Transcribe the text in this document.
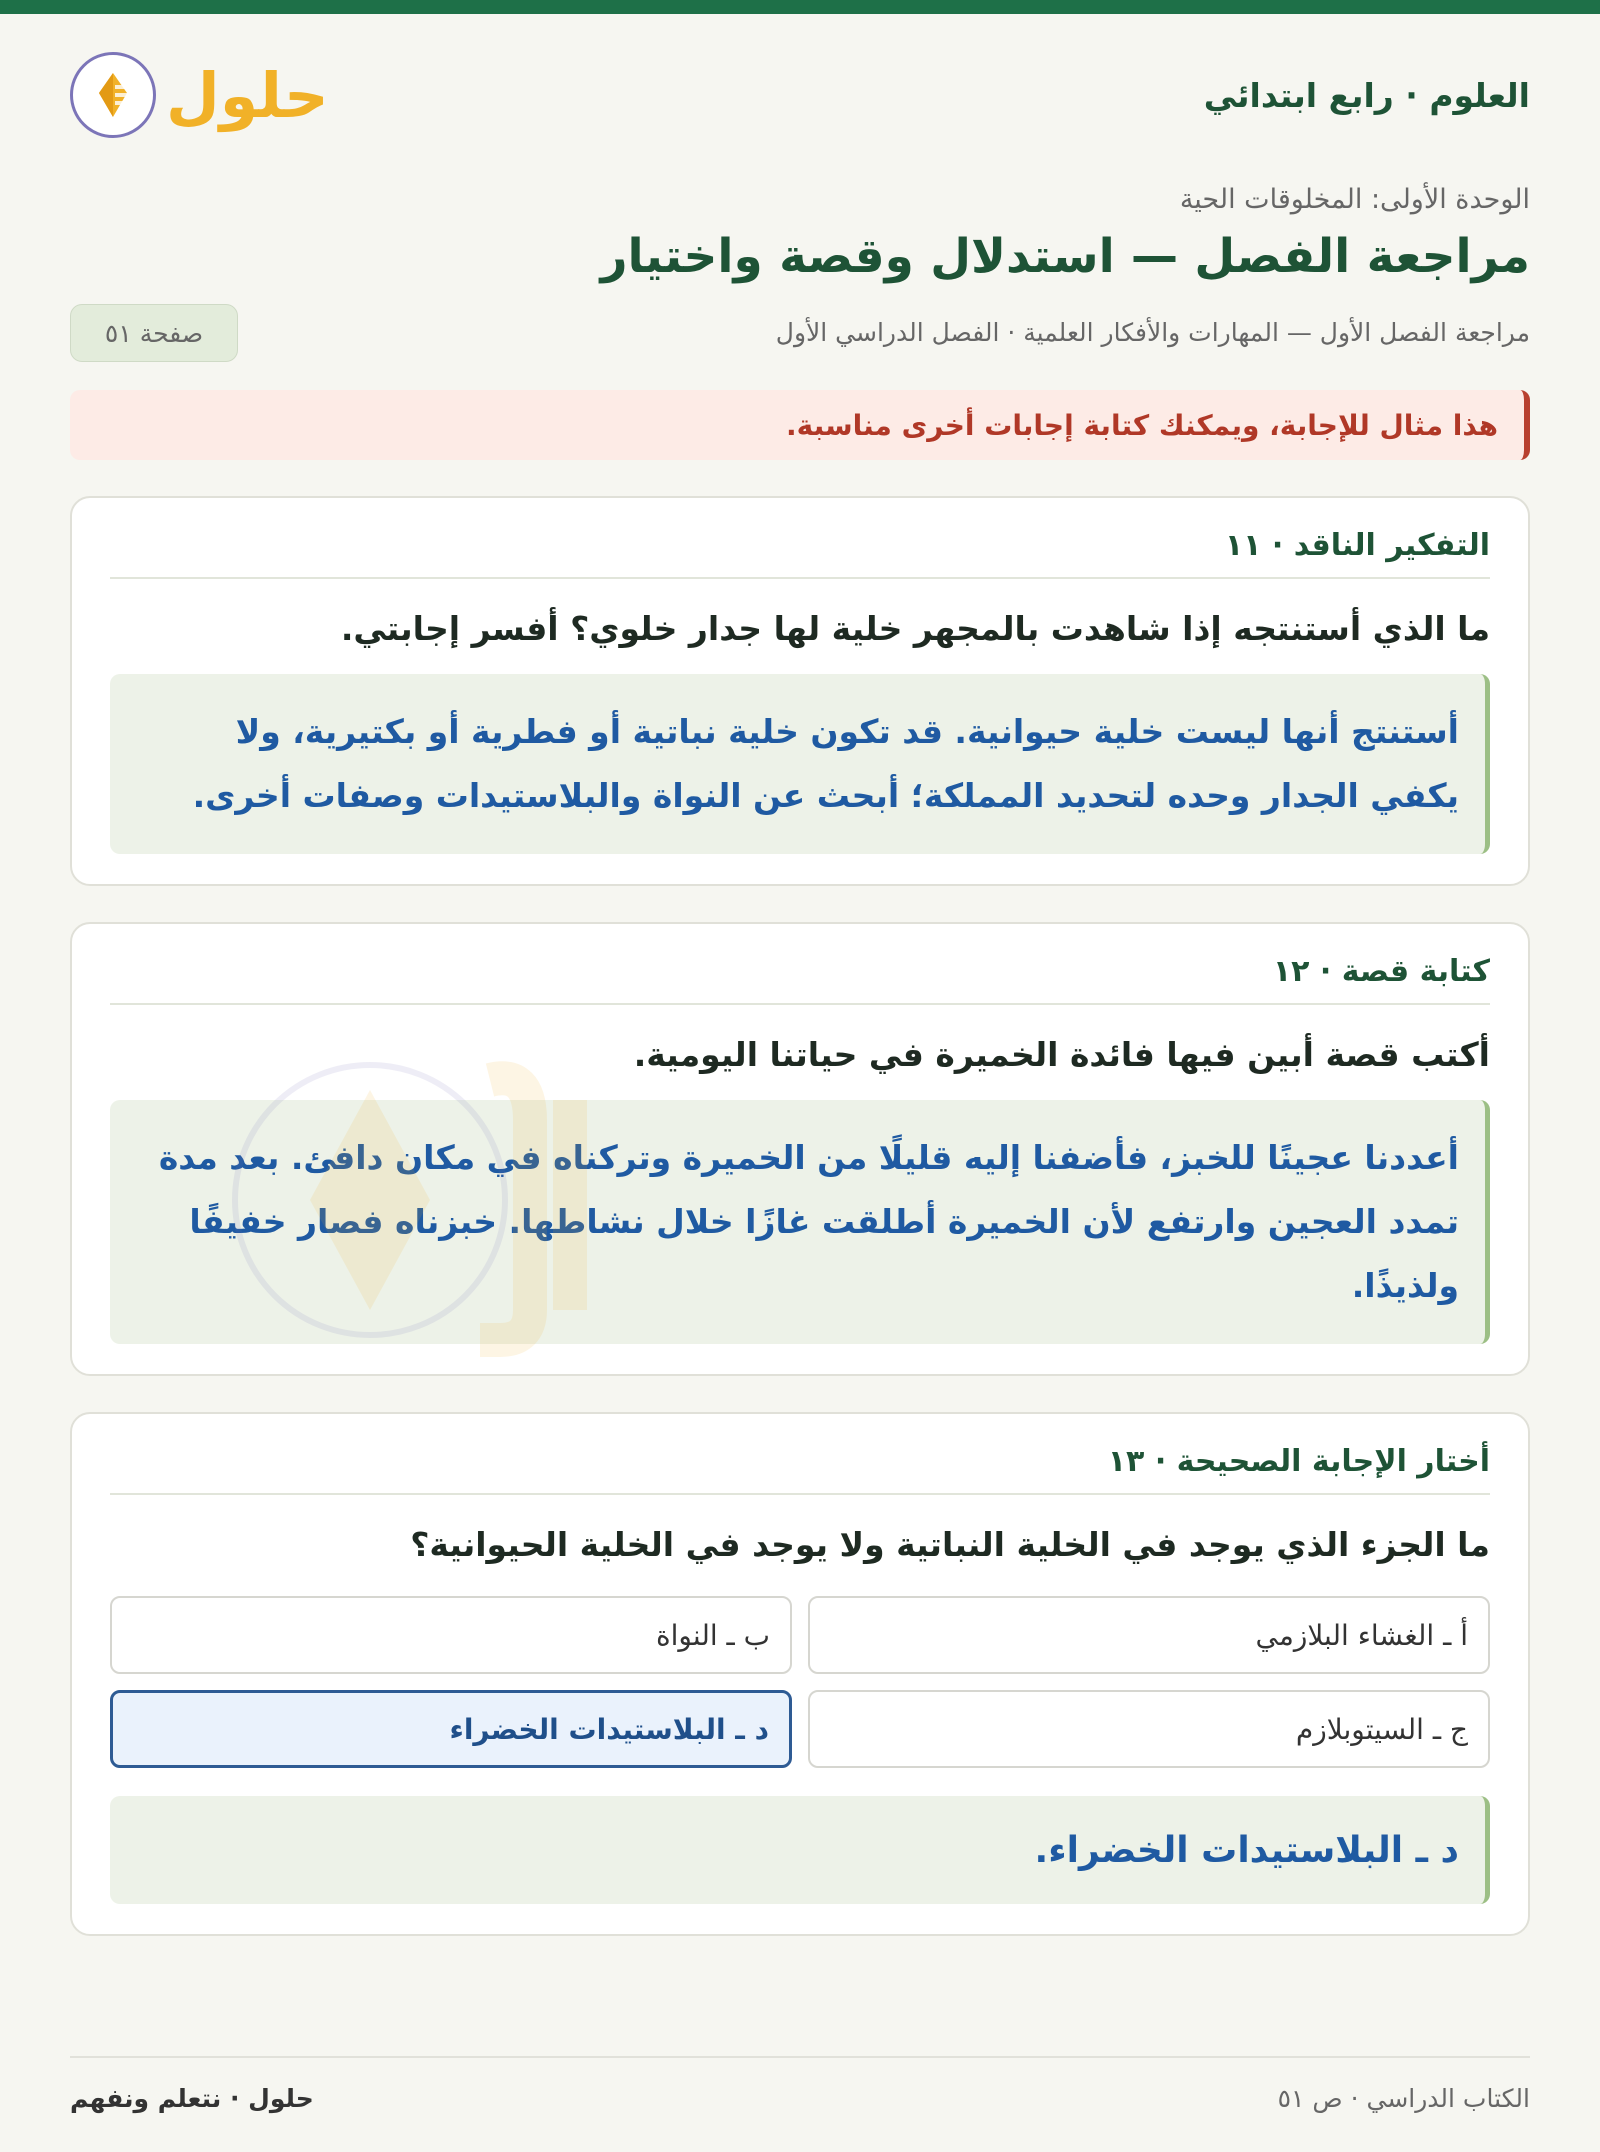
العلوم · رابع ابتدائي
حلول
الوحدة الأولى: المخلوقات الحية
مراجعة الفصل — استدلال وقصة واختيار
مراجعة الفصل الأول — المهارات والأفكار العلمية · الفصل الدراسي الأول
صفحة ٥١
هذا مثال للإجابة، ويمكنك كتابة إجابات أخرى مناسبة.
التفكير الناقد · ١١
ما الذي أستنتجه إذا شاهدت بالمجهر خلية لها جدار خلوي؟ أفسر إجابتي.
أستنتج أنها ليست خلية حيوانية. قد تكون خلية نباتية أو فطرية أو بكتيرية، ولا يكفي الجدار وحده لتحديد المملكة؛ أبحث عن النواة والبلاستيدات وصفات أخرى.
كتابة قصة · ١٢
أكتب قصة أبين فيها فائدة الخميرة في حياتنا اليومية.
أعددنا عجينًا للخبز، فأضفنا إليه قليلًا من الخميرة وتركناه في مكان دافئ. بعد مدة تمدد العجين وارتفع لأن الخميرة أطلقت غازًا خلال نشاطها. خبزناه فصار خفيفًا ولذيذًا.
أختار الإجابة الصحيحة · ١٣
ما الجزء الذي يوجد في الخلية النباتية ولا يوجد في الخلية الحيوانية؟
أ ـ الغشاء البلازمي
ب ـ النواة
ج ـ السيتوبلازم
د ـ البلاستيدات الخضراء
د ـ البلاستيدات الخضراء.
الكتاب الدراسي · ص ٥١
حلول · نتعلم ونفهم
